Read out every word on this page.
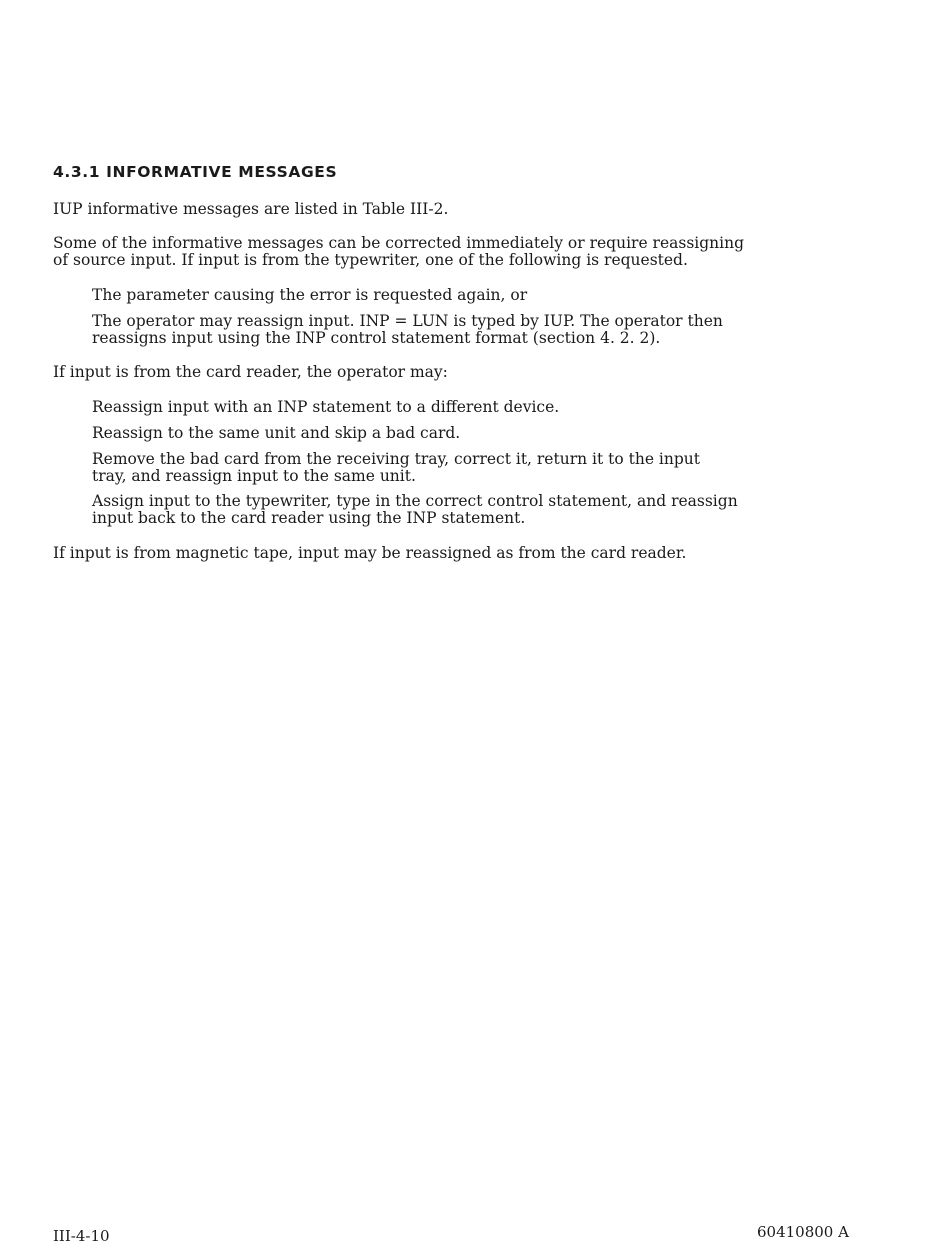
4.3.1 INFORMATIVE MESSAGES
IUP informative messages are listed in Table III-2.
Some of the informative messages can be corrected immediately or require reassigning
of source input. If input is from the typewriter, one of the following is requested.
The parameter causing the error is requested again, or
The operator may reassign input. INP = LUN is typed by IUP. The operator then
reassigns input using the INP control statement format (section 4. 2. 2).
If input is from the card reader, the operator may:
Reassign input with an INP statement to a different device.
Reassign to the same unit and skip a bad card.
Remove the bad card from the receiving tray, correct it, return it to the input
tray, and reassign input to the same unit.
Assign input to the typewriter, type in the correct control statement, and reassign
input back to the card reader using the INP statement.
If input is from magnetic tape, input may be reassigned as from the card reader.
III-4-10	60410800 A
